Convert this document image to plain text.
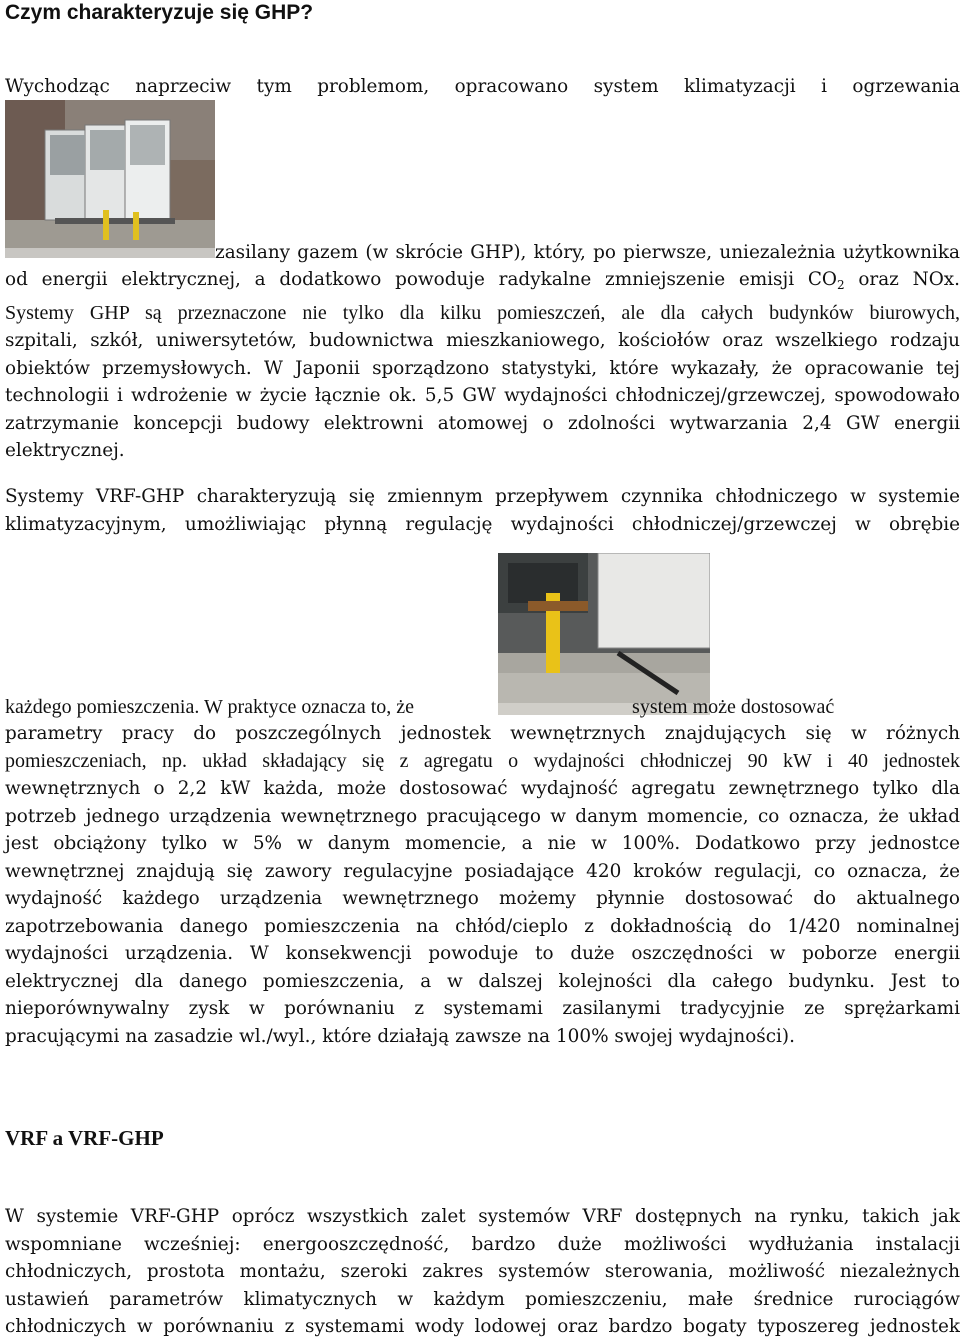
Czym charakteryzuje się GHP?

Wychodząc naprzeciw tym problemom, opracowano system klimatyzacji i ogrzewania

zasilany gazem (w skrócie GHP), który, po pierwsze, uniezależnia użytkownika

od energii elektrycznej, a dodatkowo powoduje radykalne zmniejszenie emisji $CO_2$ oraz NOx.
Systemy GHP są przeznaczone nie tylko dla kilku pomieszczeń, ale dla całych budynków biurowych,
szpitali, szkół, uniwersytetów, budownictwa mieszkaniowego, kościołów oraz wszelkiego rodzaju
obiektów przemysłowych. W Japonii sporządzono statystyki, które wykazały, że opracowanie tej
technologii i wdrożenie w życie łącznie ok. 5,5 GW wydajności chłodniczej/grzewczej, spowodowało
zatrzymanie koncepcji budowy elektrowni atomowej o zdolności wytwarzania 2,4 GW energii
elektrycznej.

Systemy VRF-GHP charakteryzują się zmiennym przepływem czynnika chłodniczego w systemie
klimatyzacyjnym, umożliwiając płynną regulację wydajności chłodniczej/grzewczej w obrębie

każdego pomieszczenia. W praktyce oznacza to, że	system może dostosować

parametry pracy do poszczególnych jednostek wewnętrznych znajdujących się w różnych
pomieszczeniach, np. układ składający się z agregatu o wydajności chłodniczej 90 kW i 40 jednostek
wewnętrznych o 2,2 kW każda, może dostosować wydajność agregatu zewnętrznego tylko dla
potrzeb jednego urządzenia wewnętrznego pracującego w danym momencie, co oznacza, że układ
jest obciążony tylko w 5% w danym momencie, a nie w 100%. Dodatkowo przy jednostce
wewnętrznej znajdują się zawory regulacyjne posiadające 420 kroków regulacji, co oznacza, że
wydajność każdego urządzenia wewnętrznego możemy płynnie dostosować do aktualnego
zapotrzebowania danego pomieszczenia na chłód/cieplo z dokładnością do 1/420 nominalnej
wydajności urządzenia. W konsekwencji powoduje to duże oszczędności w poborze energii
elektrycznej dla danego pomieszczenia, a w dalszej kolejności dla całego budynku. Jest to
nieporównywalny zysk w porównaniu z systemami zasilanymi tradycyjnie ze sprężarkami
pracującymi na zasadzie wl./wyl., które działają zawsze na 100% swojej wydajności).

VRF a VRF-GHP

W systemie VRF-GHP oprócz wszystkich zalet systemów VRF dostępnych na rynku, takich jak
wspomniane wcześniej: energooszczędność, bardzo duże możliwości wydłużania instalacji
chłodniczych, prostota montażu, szeroki zakres systemów sterowania, możliwość niezależnych
ustawień parametrów klimatycznych w każdym pomieszczeniu, małe średnice rurociągów
chłodniczych w porównaniu z systemami wody lodowej oraz bardzo bogaty typoszereg jednostek
